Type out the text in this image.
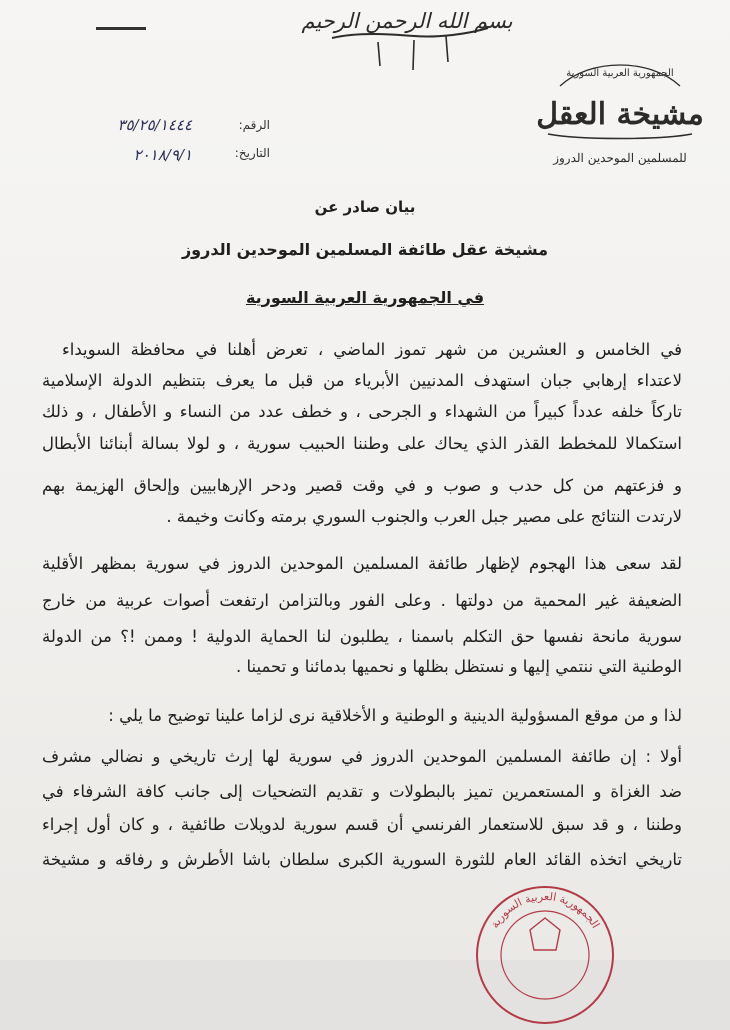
بسم الله الرحمن الرحيم
الجمهورية العربية السورية
مشيخة العقل
للمسلمين الموحدين الدروز
الرقم:
التاريخ:
٣٥/٢٥/١٤٤٤
٢٠١٨/٩/١
بيان صادر عن
مشيخة عقل طائفة المسلمين الموحدين الدروز
في الجمهورية العربية السورية
في الخامس و العشرين من شهر تموز الماضي ، تعرض أهلنا في محافظة السويداء
لاعتداء إرهابي جبان استهدف المدنيين الأبرياء من قبل ما يعرف بتنظيم الدولة الإسلامية
تاركاً خلفه عدداً كبيراً من الشهداء و الجرحى ، و خطف عدد من النساء و الأطفال ، و ذلك
استكمالا للمخطط القذر الذي يحاك على وطننا الحبيب سورية ، و لولا بسالة أبنائنا الأبطال
و فزعتهم من كل حدب و صوب و في وقت قصير ودحر الإرهابيين وإلحاق الهزيمة بهم
لارتدت النتائج على مصير جبل العرب والجنوب السوري برمته وكانت وخيمة .
لقد سعى هذا الهجوم لإظهار طائفة المسلمين الموحدين الدروز في سورية بمظهر الأقلية
الضعيفة غير المحمية من دولتها . وعلى الفور وبالتزامن ارتفعت أصوات عربية من خارج
سورية مانحة نفسها حق التكلم باسمنا ، يطلبون لنا الحماية الدولية ! وممن !؟ من الدولة
الوطنية التي ننتمي إليها و نستظل بظلها و نحميها بدمائنا و تحمينا .
لذا و من موقع المسؤولية الدينية و الوطنية و الأخلاقية نرى لزاما علينا توضيح ما يلي :
أولا : إن طائفة المسلمين الموحدين الدروز في سورية لها إرث تاريخي و نضالي مشرف
ضد الغزاة و المستعمرين تميز بالبطولات و تقديم التضحيات إلى جانب كافة الشرفاء في
وطننا ، و قد سبق للاستعمار الفرنسي أن قسم سورية لدويلات طائفية ، و كان أول إجراء
تاريخي اتخذه القائد العام للثورة السورية الكبرى سلطان باشا الأطرش و رفاقه و مشيخة
الجمهورية العربية السورية
